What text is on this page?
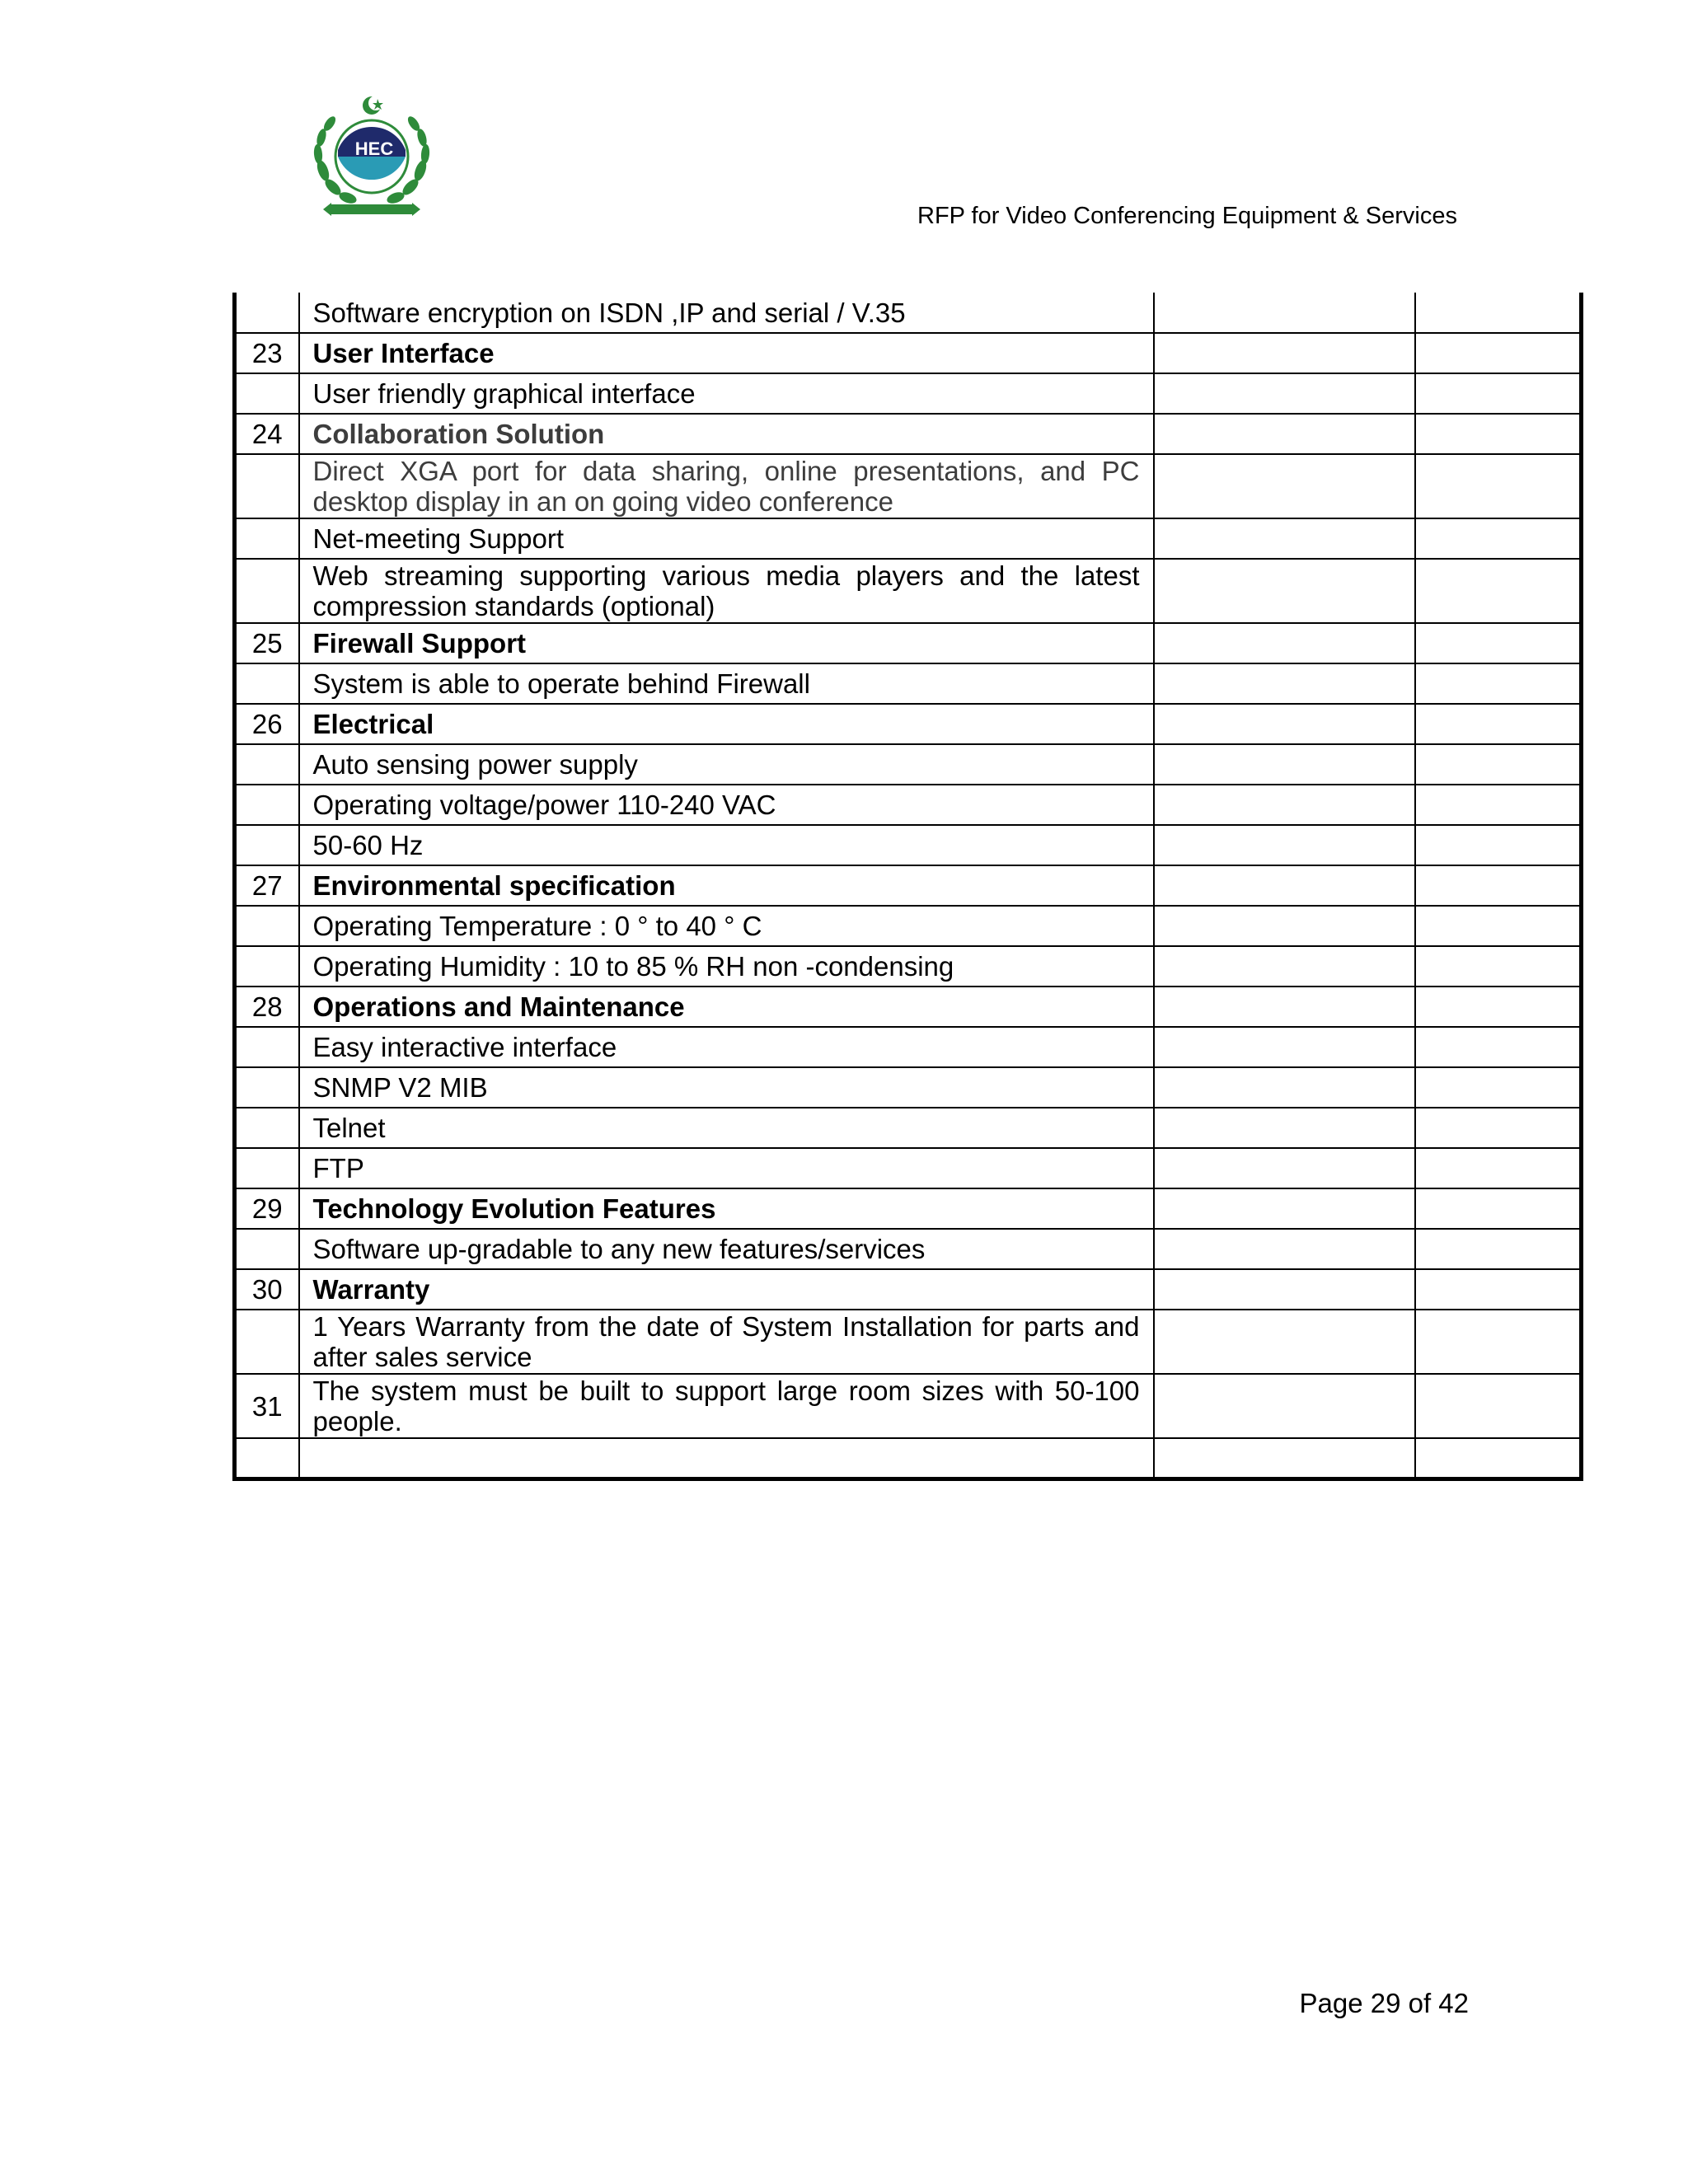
HEC
RFP for Video Conferencing Equipment & Services
	Software encryption on ISDN ,IP and serial / V.35		
23	User Interface		
	User friendly graphical interface		
24	Collaboration Solution		
	Direct XGA port for data sharing, online presentations, and PC desktop display in an on going video conference		
	Net-meeting Support		
	Web streaming supporting various media players and the latest compression standards (optional)		
25	Firewall Support		
	System is able to operate behind Firewall		
26	Electrical		
	Auto sensing power supply		
	Operating voltage/power 110-240 VAC		
	50-60 Hz		
27	Environmental specification		
	Operating Temperature : 0 ° to 40 ° C		
	Operating Humidity : 10 to 85 % RH non -condensing		
28	Operations and Maintenance		
	Easy interactive interface		
	SNMP V2 MIB		
	Telnet		
	FTP		
29	Technology Evolution Features		
	Software up-gradable to any new features/services		
30	Warranty		
	1 Years Warranty from the date of System Installation for parts and after sales service		
31	The system must be built to support large room sizes with 50-100 people.		

Page 29 of 42
